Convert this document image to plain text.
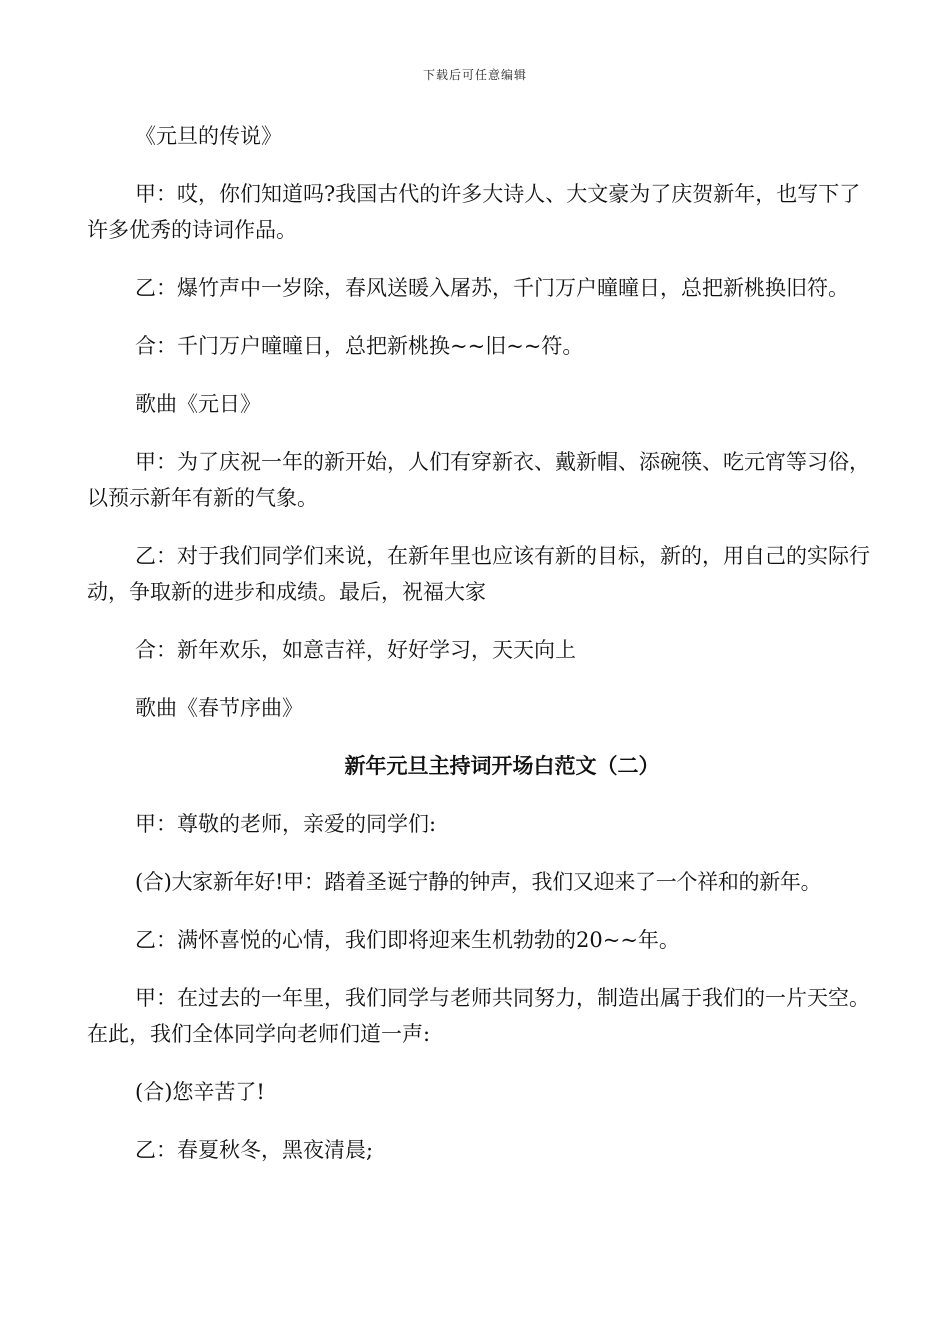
下载后可任意编辑

《元旦的传说》

甲：哎，你们知道吗?我国古代的许多大诗人、大文豪为了庆贺新年，也写下了许多优秀的诗词作品。

乙：爆竹声中一岁除，春风送暖入屠苏，千门万户曈曈日，总把新桃换旧符。

合：千门万户曈曈日，总把新桃换~~旧~~符。

歌曲《元日》

甲：为了庆祝一年的新开始，人们有穿新衣、戴新帽、添碗筷、吃元宵等习俗，以预示新年有新的气象。

乙：对于我们同学们来说，在新年里也应该有新的目标，新的，用自己的实际行动，争取新的进步和成绩。最后，祝福大家

合：新年欢乐，如意吉祥，好好学习，天天向上

歌曲《春节序曲》

新年元旦主持词开场白范文（二）

甲：尊敬的老师，亲爱的同学们:

(合)大家新年好!甲：踏着圣诞宁静的钟声，我们又迎来了一个祥和的新年。

乙：满怀喜悦的心情，我们即将迎来生机勃勃的20~~年。

甲：在过去的一年里，我们同学与老师共同努力，制造出属于我们的一片天空。在此，我们全体同学向老师们道一声:

(合)您辛苦了!

乙：春夏秋冬，黑夜清晨;
